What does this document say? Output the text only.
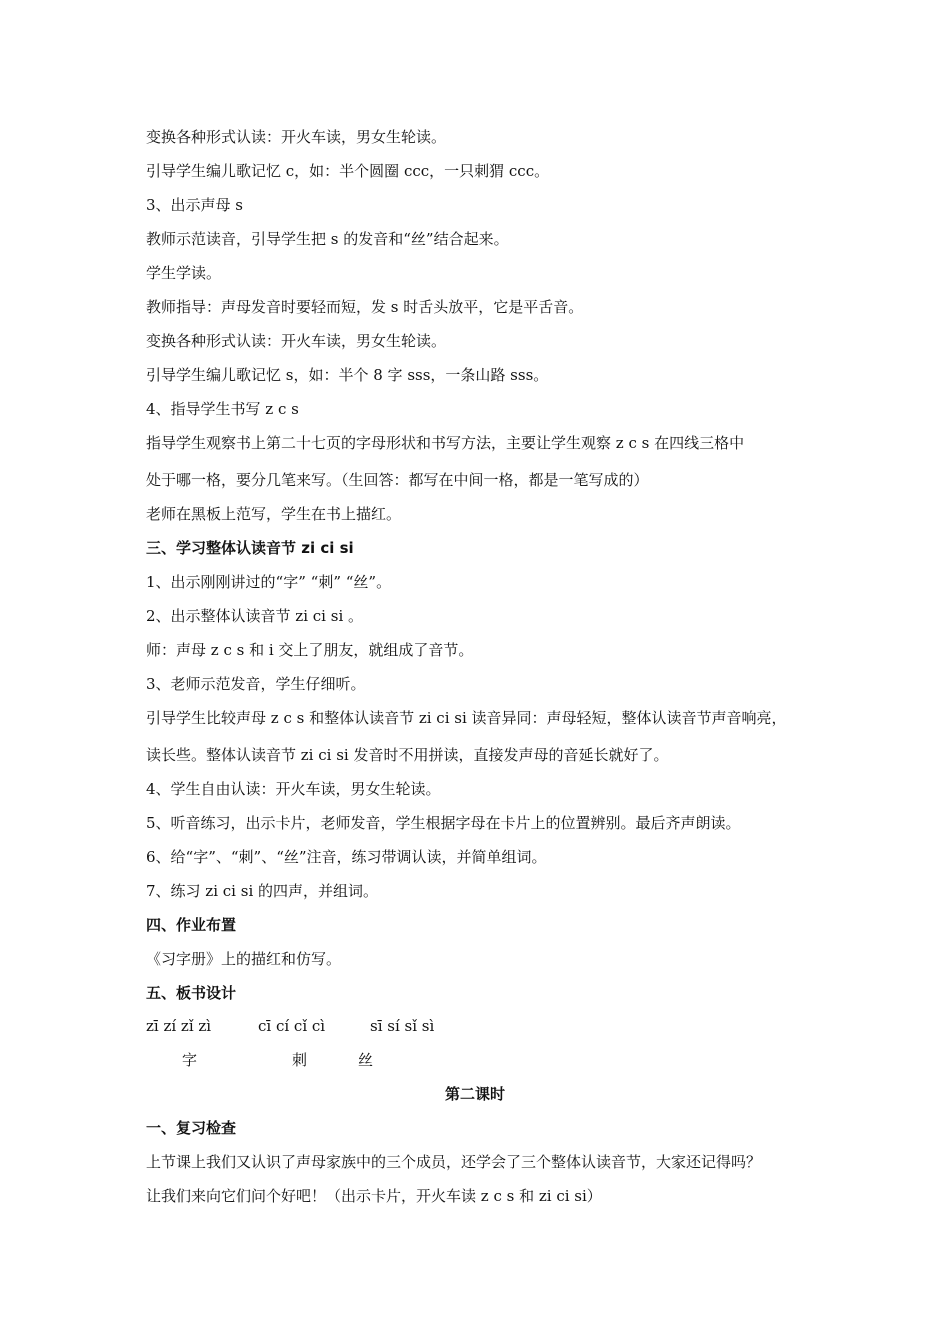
变换各种形式认读：开火车读，男女生轮读。
引导学生编儿歌记忆 c，如：半个圆圈 ccc，一只刺猬 ccc。
3、出示声母 s
教师示范读音，引导学生把 s 的发音和“丝”结合起来。
学生学读。
教师指导：声母发音时要轻而短，发 s 时舌头放平，它是平舌音。
变换各种形式认读：开火车读，男女生轮读。
引导学生编儿歌记忆 s，如：半个 8 字 sss，一条山路 sss。
4、指导学生书写 z c s
指导学生观察书上第二十七页的字母形状和书写方法，主要让学生观察 z c s 在四线三格中
处于哪一格，要分几笔来写。（生回答：都写在中间一格，都是一笔写成的）
老师在黑板上范写，学生在书上描红。
三、学习整体认读音节 zi ci si
1、出示刚刚讲过的“字” “刺” “丝”。
2、出示整体认读音节 zi ci si 。
师：声母 z c s 和 i 交上了朋友，就组成了音节。
3、老师示范发音，学生仔细听。
引导学生比较声母 z c s 和整体认读音节 zi ci si 读音异同：声母轻短，整体认读音节声音响亮，
读长些。整体认读音节 zi ci si 发音时不用拼读，直接发声母的音延长就好了。
4、学生自由认读：开火车读，男女生轮读。
5、听音练习，出示卡片，老师发音，学生根据字母在卡片上的位置辨别。最后齐声朗读。
6、给“字”、“刺”、“丝”注音，练习带调认读，并简单组词。
7、练习 zi ci si 的四声，并组词。
四、作业布置
《习字册》上的描红和仿写。
五、板书设计
zī zí zǐ zì	cī cí cǐ cì	sī sí sǐ sì
字	刺	丝
第二课时
一、复习检查
上节课上我们又认识了声母家族中的三个成员，还学会了三个整体认读音节，大家还记得吗？
让我们来向它们问个好吧！（出示卡片，开火车读 z c s 和 zi ci si）
